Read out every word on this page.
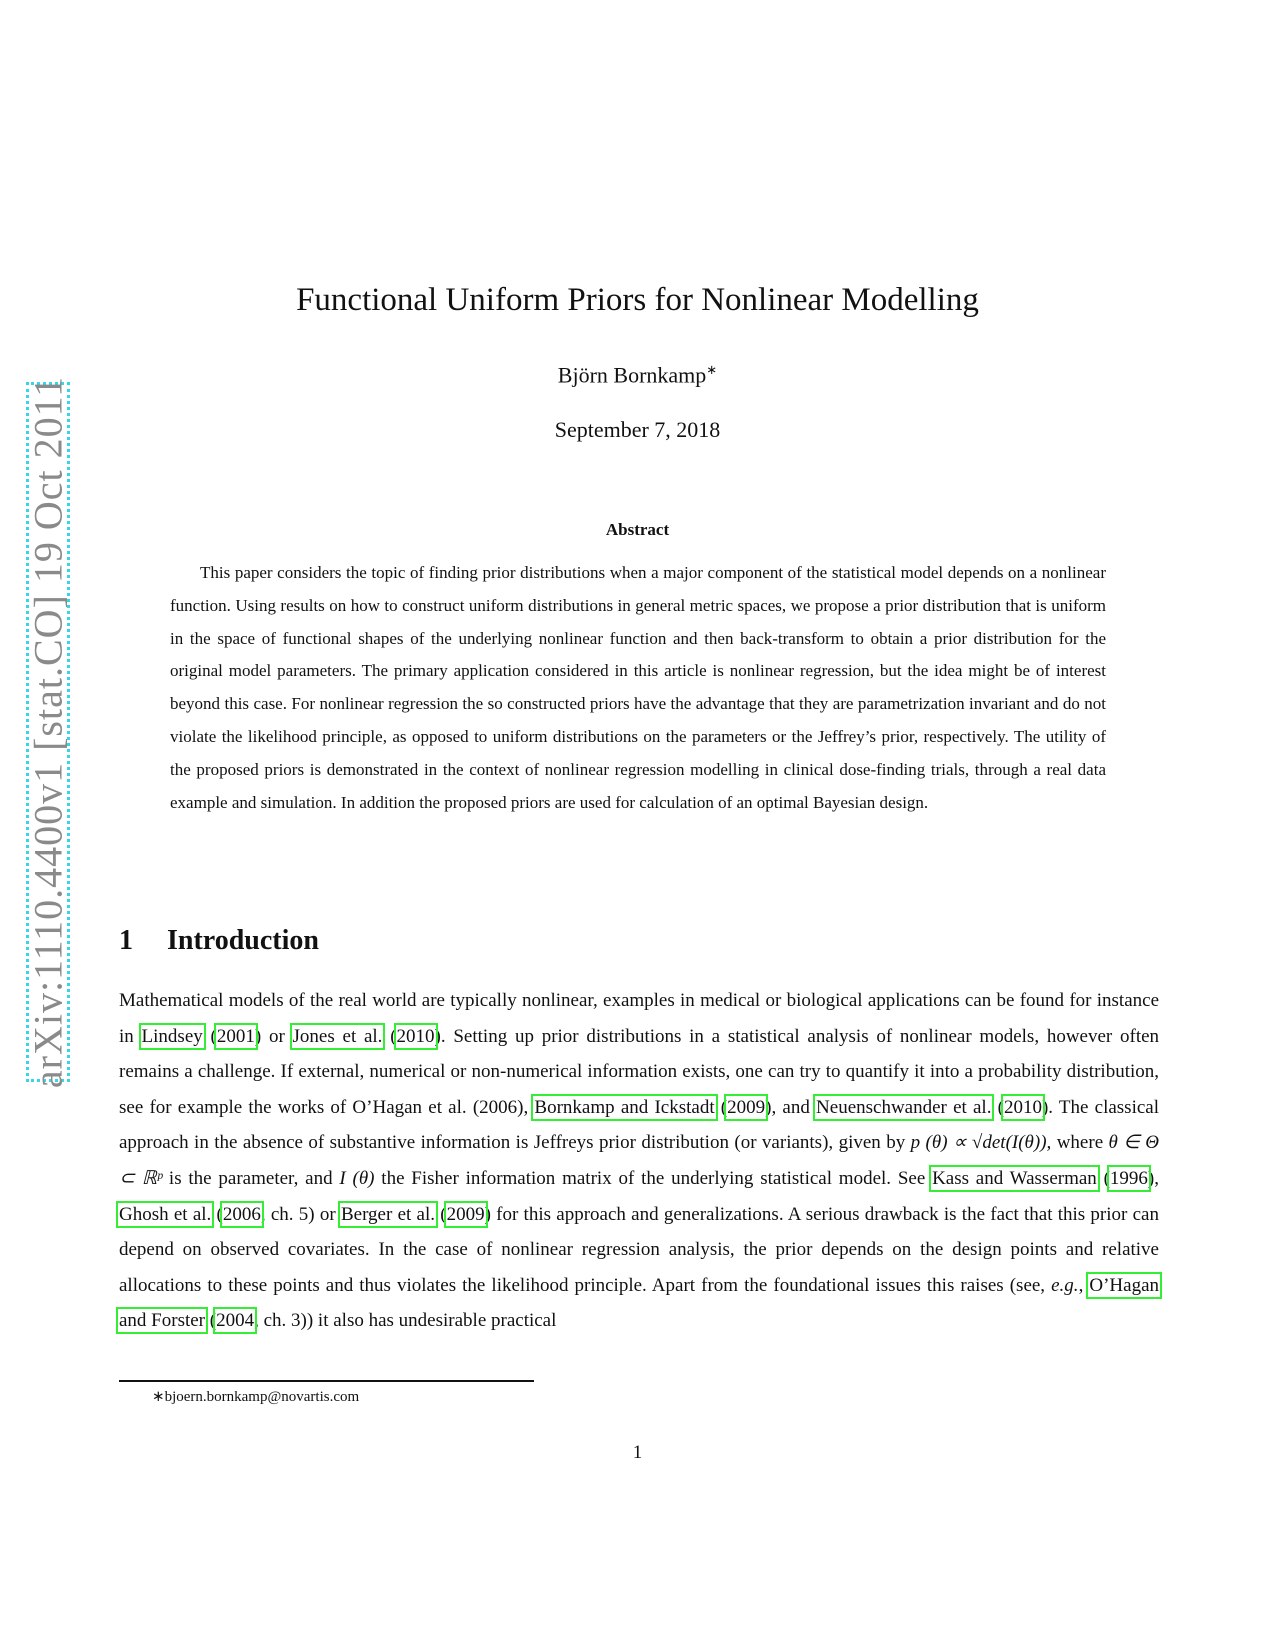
arXiv:1110.4400v1 [stat.CO] 19 Oct 2011
Functional Uniform Priors for Nonlinear Modelling
Björn Bornkamp∗
September 7, 2018
Abstract
This paper considers the topic of finding prior distributions when a major component of the statistical model depends on a nonlinear function. Using results on how to construct uniform distributions in general metric spaces, we propose a prior distribution that is uniform in the space of functional shapes of the underlying nonlinear function and then back-transform to obtain a prior distribution for the original model parameters. The primary application considered in this article is nonlinear regression, but the idea might be of interest beyond this case. For nonlinear regression the so constructed priors have the advantage that they are parametrization invariant and do not violate the likelihood principle, as opposed to uniform distributions on the parameters or the Jeffrey’s prior, respectively. The utility of the proposed priors is demonstrated in the context of nonlinear regression modelling in clinical dose-finding trials, through a real data example and simulation. In addition the proposed priors are used for calculation of an optimal Bayesian design.
1 Introduction

Mathematical models of the real world are typically nonlinear, examples in medical or biological applications can be found for instance in Lindsey (2001) or Jones et al. (2010). Setting up prior distributions in a statistical analysis of nonlinear models, however often remains a challenge. If external, numerical or non-numerical information exists, one can try to quantify it into a probability distribution, see for example the works of O’Hagan et al. (2006), Bornkamp and Ickstadt (2009), and Neuenschwander et al. (2010). The classical approach in the absence of substantive information is Jeffreys prior distribution (or variants), given by p (θ) ∝ √det(I(θ)), where θ ∈ Θ ⊂ ℝᵖ is the parameter, and I (θ) the Fisher information matrix of the underlying statistical model. See Kass and Wasserman (1996), Ghosh et al. (2006, ch. 5) or Berger et al. (2009) for this approach and generalizations. A serious drawback is the fact that this prior can depend on observed covariates. In the case of nonlinear regression analysis, the prior depends on the design points and relative allocations to these points and thus violates the likelihood principle. Apart from the foundational issues this raises (see, e.g., O’Hagan and Forster (2004, ch. 3)) it also has undesirable practical

∗bjoern.bornkamp@novartis.com
1
